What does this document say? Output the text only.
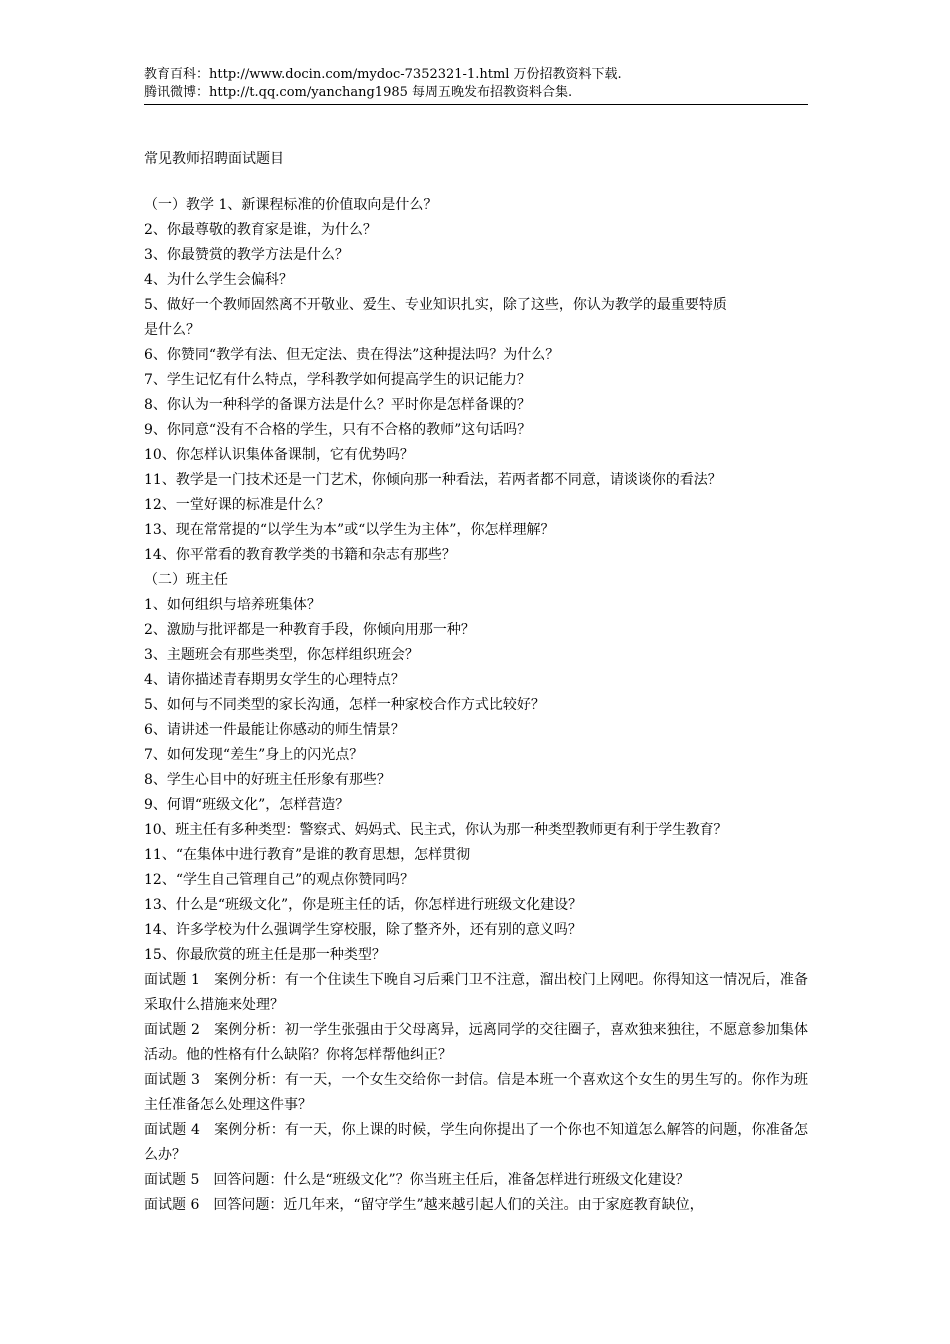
教育百科：http://www.docin.com/mydoc-7352321-1.html 万份招教资料下载.
腾讯微博：http://t.qq.com/yanchang1985 每周五晚发布招教资料合集.
常见教师招聘面试题目
（一）教学 1、新课程标准的价值取向是什么？
2、你最尊敬的教育家是谁，为什么？
3、你最赞赏的教学方法是什么？
4、为什么学生会偏科？
5、做好一个教师固然离不开敬业、爱生、专业知识扎实，除了这些，你认为教学的最重要特质
是什么？
6、你赞同“教学有法、但无定法、贵在得法”这种提法吗？为什么？
7、学生记忆有什么特点，学科教学如何提高学生的识记能力？
8、你认为一种科学的备课方法是什么？平时你是怎样备课的？
9、你同意“没有不合格的学生，只有不合格的教师”这句话吗？
10、你怎样认识集体备课制，它有优势吗？
11、教学是一门技术还是一门艺术，你倾向那一种看法，若两者都不同意，请谈谈你的看法？
12、一堂好课的标准是什么？
13、现在常常提的“以学生为本”或“以学生为主体”，你怎样理解？
14、你平常看的教育教学类的书籍和杂志有那些？
（二）班主任
1、如何组织与培养班集体？
2、激励与批评都是一种教育手段，你倾向用那一种？
3、主题班会有那些类型，你怎样组织班会？
4、请你描述青春期男女学生的心理特点？
5、如何与不同类型的家长沟通，怎样一种家校合作方式比较好？
6、请讲述一件最能让你感动的师生情景？
7、如何发现“差生”身上的闪光点？
8、学生心目中的好班主任形象有那些？
9、何谓“班级文化”，怎样营造？
10、班主任有多种类型：警察式、妈妈式、民主式，你认为那一种类型教师更有利于学生教育？
11、“在集体中进行教育”是谁的教育思想，怎样贯彻
12、“学生自己管理自己”的观点你赞同吗？
13、什么是“班级文化”，你是班主任的话，你怎样进行班级文化建设？
14、许多学校为什么强调学生穿校服，除了整齐外，还有别的意义吗？
15、你最欣赏的班主任是那一种类型？
面试题 1　案例分析：有一个住读生下晚自习后乘门卫不注意，溜出校门上网吧。你得知这一情况后，准备采取什么措施来处理？
面试题 2　案例分析：初一学生张强由于父母离异，远离同学的交往圈子，喜欢独来独往，不愿意参加集体活动。他的性格有什么缺陷？你将怎样帮他纠正？
面试题 3　案例分析：有一天，一个女生交给你一封信。信是本班一个喜欢这个女生的男生写的。你作为班主任准备怎么处理这件事？
面试题 4　案例分析：有一天，你上课的时候，学生向你提出了一个你也不知道怎么解答的问题，你准备怎么办？
面试题 5　回答问题：什么是“班级文化”？你当班主任后，准备怎样进行班级文化建设？
面试题 6　回答问题：近几年来，“留守学生”越来越引起人们的关注。由于家庭教育缺位，
